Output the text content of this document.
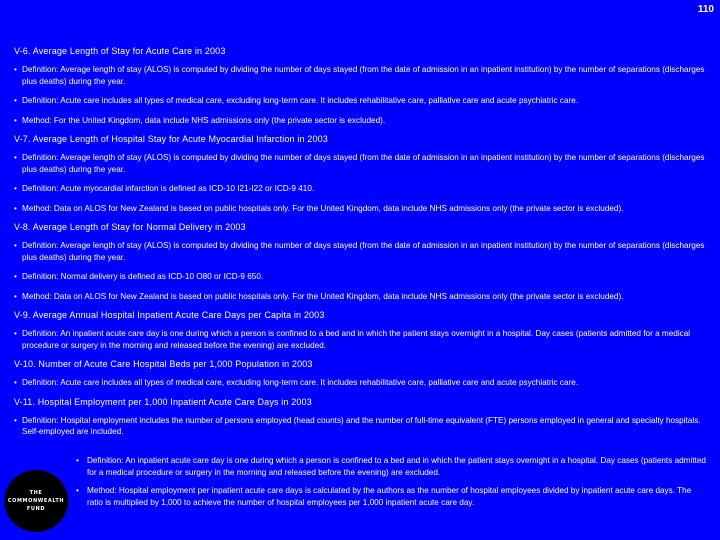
110
V-6. Average Length of Stay for Acute Care in 2003
• Definition: Average length of stay (ALOS) is computed by dividing the number of days stayed (from the date of admission in an inpatient institution) by the number of separations (discharges plus deaths) during the year.
• Definition: Acute care includes all types of medical care, excluding long-term care. It includes rehabilitative care, palliative care and acute psychiatric care.
• Method: For the United Kingdom, data include NHS admissions only (the private sector is excluded).
V-7. Average Length of Hospital Stay for Acute Myocardial Infarction in 2003
• Definition: Average length of stay (ALOS) is computed by dividing the number of days stayed (from the date of admission in an inpatient institution) by the number of separations (discharges plus deaths) during the year.
• Definition: Acute myocardial infarction is defined as ICD-10 I21-I22 or ICD-9 410.
• Method: Data on ALOS for New Zealand is based on public hospitals only. For the United Kingdom, data include NHS admissions only (the private sector is excluded).
V-8. Average Length of Stay for Normal Delivery in 2003
• Definition: Average length of stay (ALOS) is computed by dividing the number of days stayed (from the date of admission in an inpatient institution) by the number of separations (discharges plus deaths) during the year.
• Definition: Normal delivery is defined as ICD-10 O80 or ICD-9 650.
• Method: Data on ALOS for New Zealand is based on public hospitals only. For the United Kingdom, data include NHS admissions only (the private sector is excluded).
V-9. Average Annual Hospital Inpatient Acute Care Days per Capita in 2003
• Definition: An inpatient acute care day is one during which a person is confined to a bed and in which the patient stays overnight in a hospital. Day cases (patients admitted for a medical procedure or surgery in the morning and released before the evening) are excluded.
V-10. Number of Acute Care Hospital Beds per 1,000 Population in 2003
• Definition: Acute care includes all types of medical care, excluding long-term care. It includes rehabilitative care, palliative care and acute psychiatric care.
V-11. Hospital Employment per 1,000 Inpatient Acute Care Days in 2003
• Definition: Hospital employment includes the number of persons employed (head counts) and the number of full-time equivalent (FTE) persons employed in general and specialty hospitals. Self-employed are included.
• Definition: An inpatient acute care day is one during which a person is confined to a bed and in which the patient stays overnight in a hospital. Day cases (patients admitted for a medical procedure or surgery in the morning and released before the evening) are excluded.
• Method: Hospital employment per inpatient acute care days is calculated by the authors as the number of hospital employees divided by inpatient acute care days. The ratio is multiplied by 1,000 to achieve the number of hospital employees per 1,000 inpatient acute care day.
THE
COMMONWEALTH
FUND
